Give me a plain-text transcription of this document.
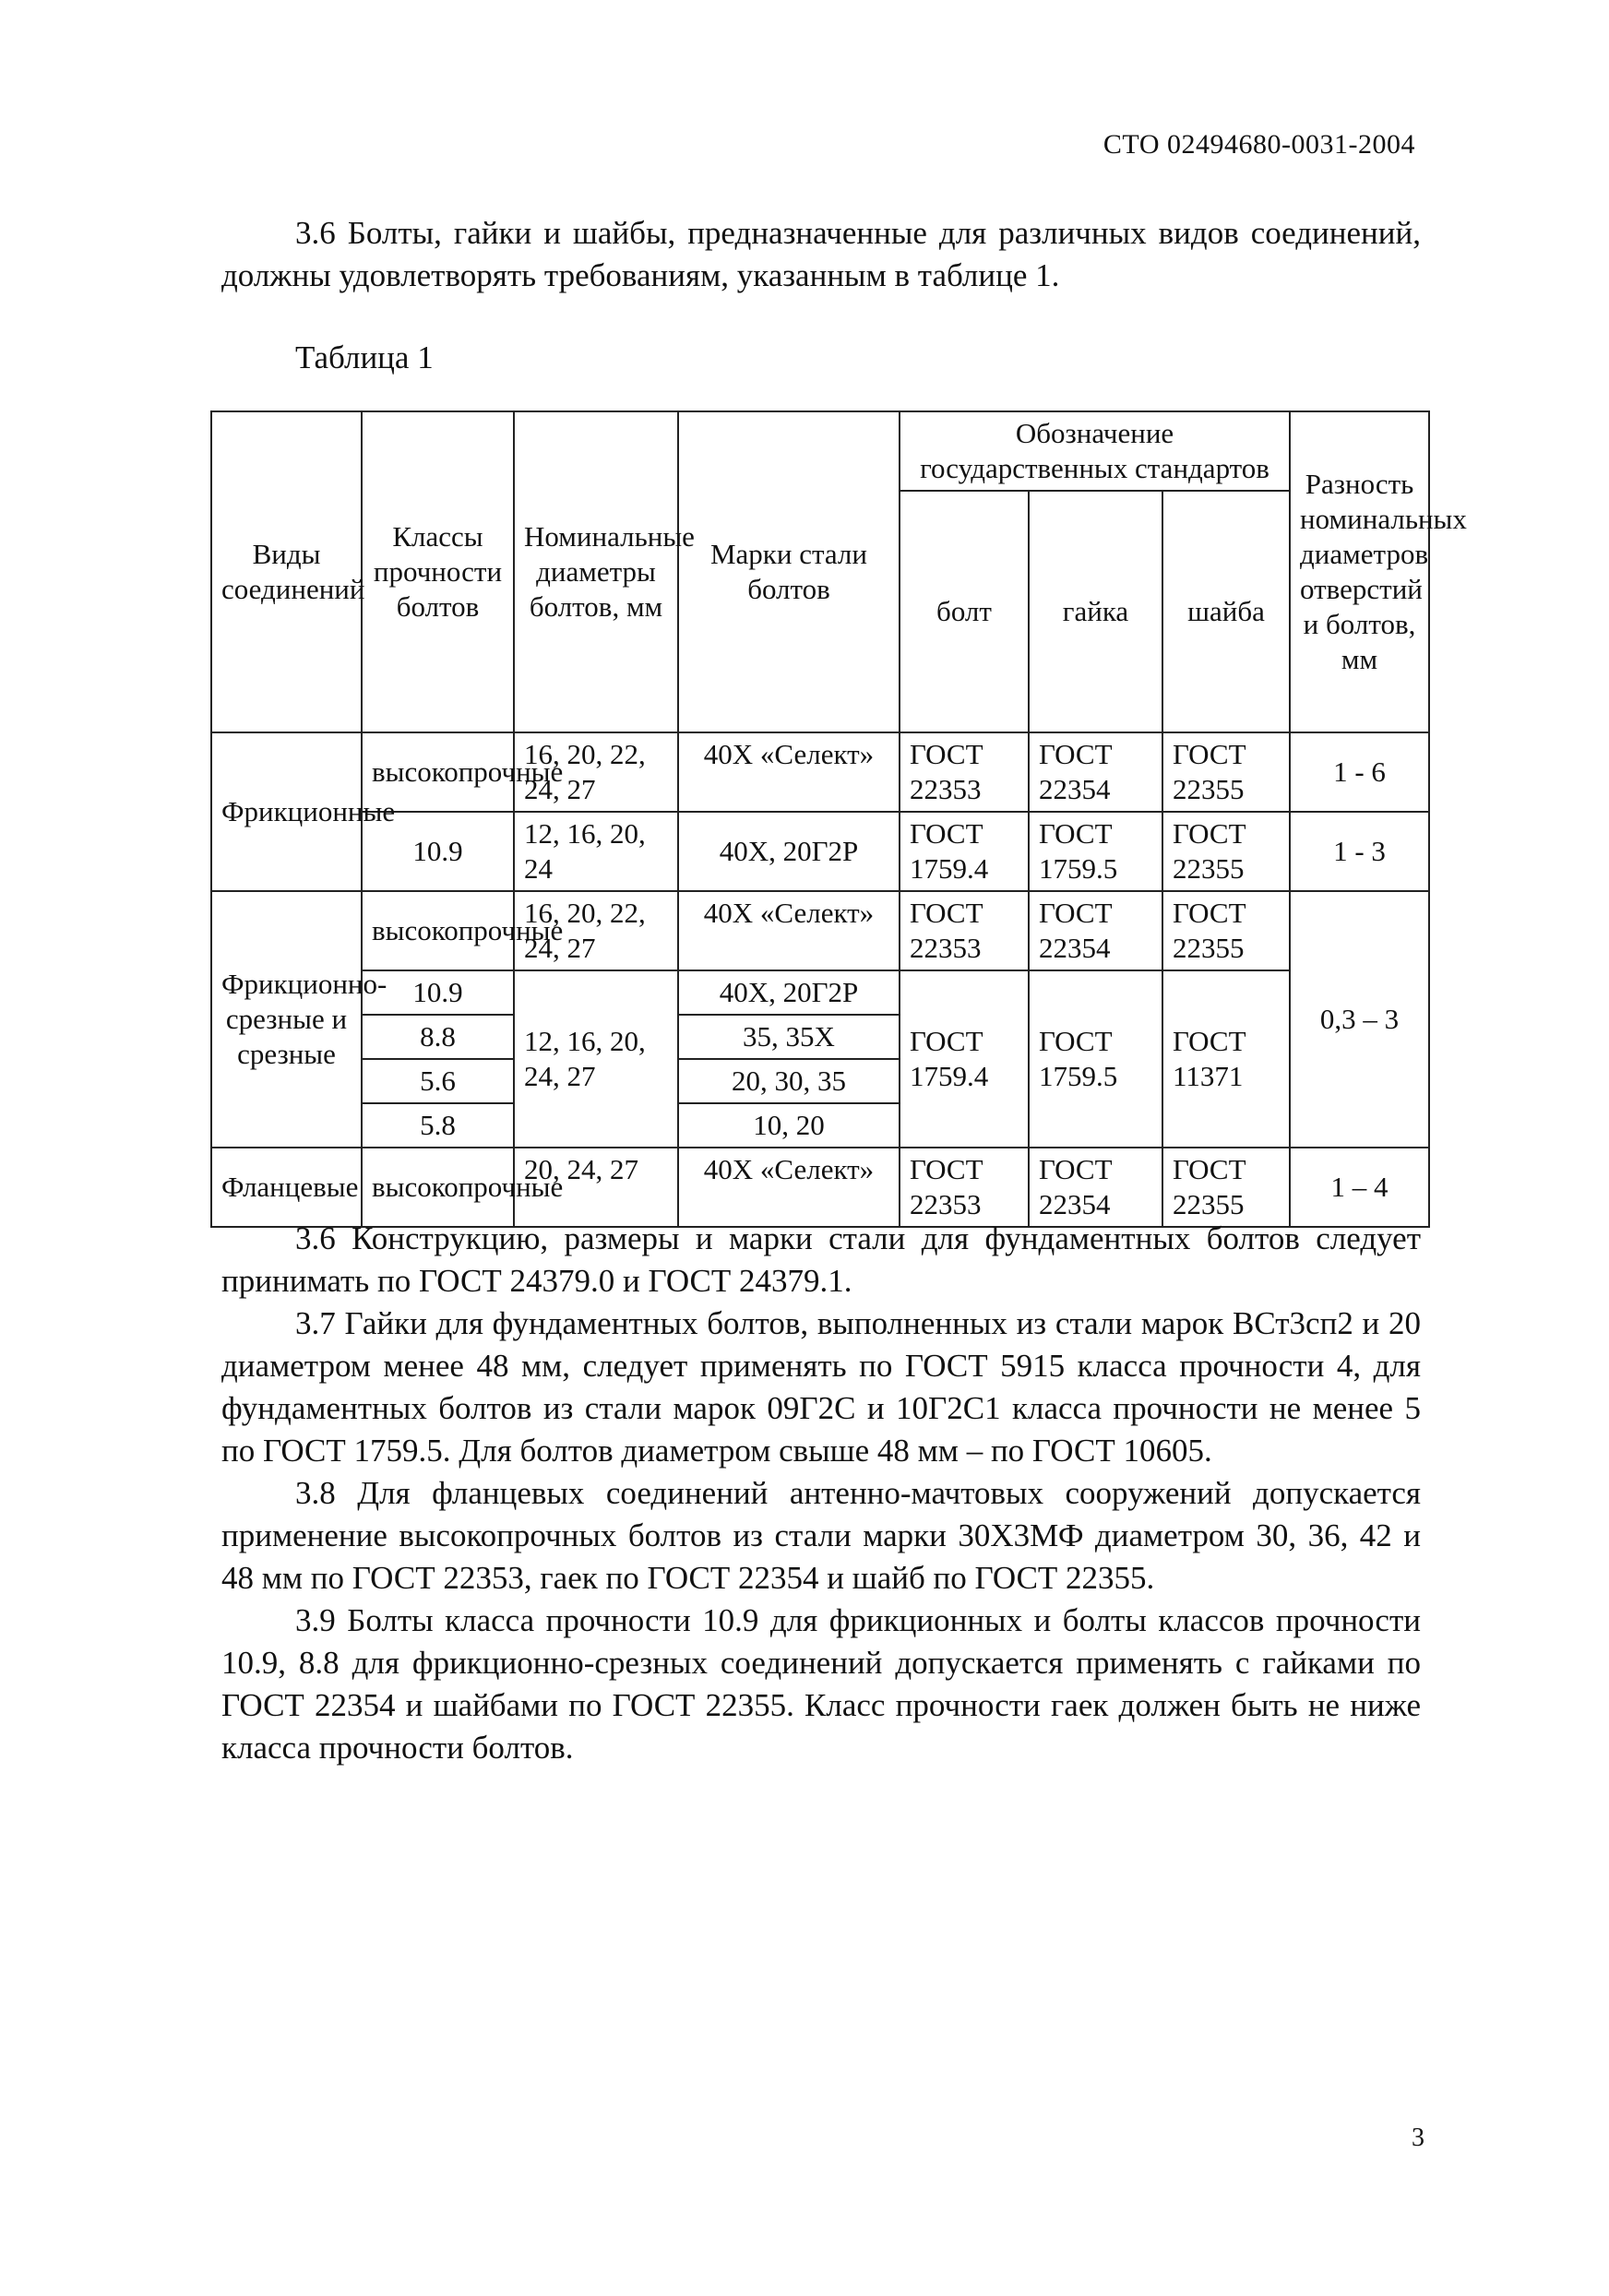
СТО 02494680-0031-2004

3.6 Болты, гайки и шайбы, предназначенные для различных видов соединений, должны удовлетворять требованиям, указанным в таблице 1.

Таблица 1
Виды соединений	Классы прочности болтов	Номинальные диаметры болтов, мм	Марки стали болтов	Обозначение государственных стандартов			Разность номинальных диаметров отверстий и болтов, мм
				болт	гайка	шайба	
Фрикционные	высокопрочные	16, 20, 22, 24, 27	40Х «Селект»	ГОСТ 22353	ГОСТ 22354	ГОСТ 22355	1 - 6
	10.9	12, 16, 20, 24	40Х, 20Г2Р	ГОСТ 1759.4	ГОСТ 1759.5	ГОСТ 22355	1 - 3
Фрикционно-срезные и срезные	высокопрочные	16, 20, 22, 24, 27	40Х «Селект»	ГОСТ 22353	ГОСТ 22354	ГОСТ 22355	0,3 – 3
	10.9	12, 16, 20, 24, 27	40Х, 20Г2Р	ГОСТ 1759.4	ГОСТ 1759.5	ГОСТ 11371	
	8.8		35, 35Х				
	5.6		20, 30, 35				
	5.8		10, 20				
Фланцевые	высокопрочные	20, 24, 27	40Х «Селект»	ГОСТ 22353	ГОСТ 22354	ГОСТ 22355	1 – 4

3.6 Конструкцию, размеры и марки стали для фундаментных болтов следует принимать по ГОСТ 24379.0 и ГОСТ 24379.1.

3.7 Гайки для фундаментных болтов, выполненных из стали марок ВСт3сп2 и 20 диаметром менее 48 мм, следует применять по ГОСТ 5915 класса прочности 4, для фундаментных болтов из стали марок 09Г2С и 10Г2С1 класса прочности не менее 5 по ГОСТ 1759.5. Для болтов диаметром свыше 48 мм – по ГОСТ 10605.

3.8 Для фланцевых соединений антенно-мачтовых сооружений допускается применение высокопрочных болтов из стали марки 30Х3МФ диаметром 30, 36, 42 и 48 мм по ГОСТ 22353, гаек по ГОСТ 22354 и шайб по ГОСТ 22355.

3.9 Болты класса прочности 10.9 для фрикционных и болты классов прочности 10.9, 8.8 для фрикционно-срезных соединений допускается применять с гайками по ГОСТ 22354 и шайбами по ГОСТ 22355. Класс прочности гаек должен быть не ниже класса прочности болтов.

3
